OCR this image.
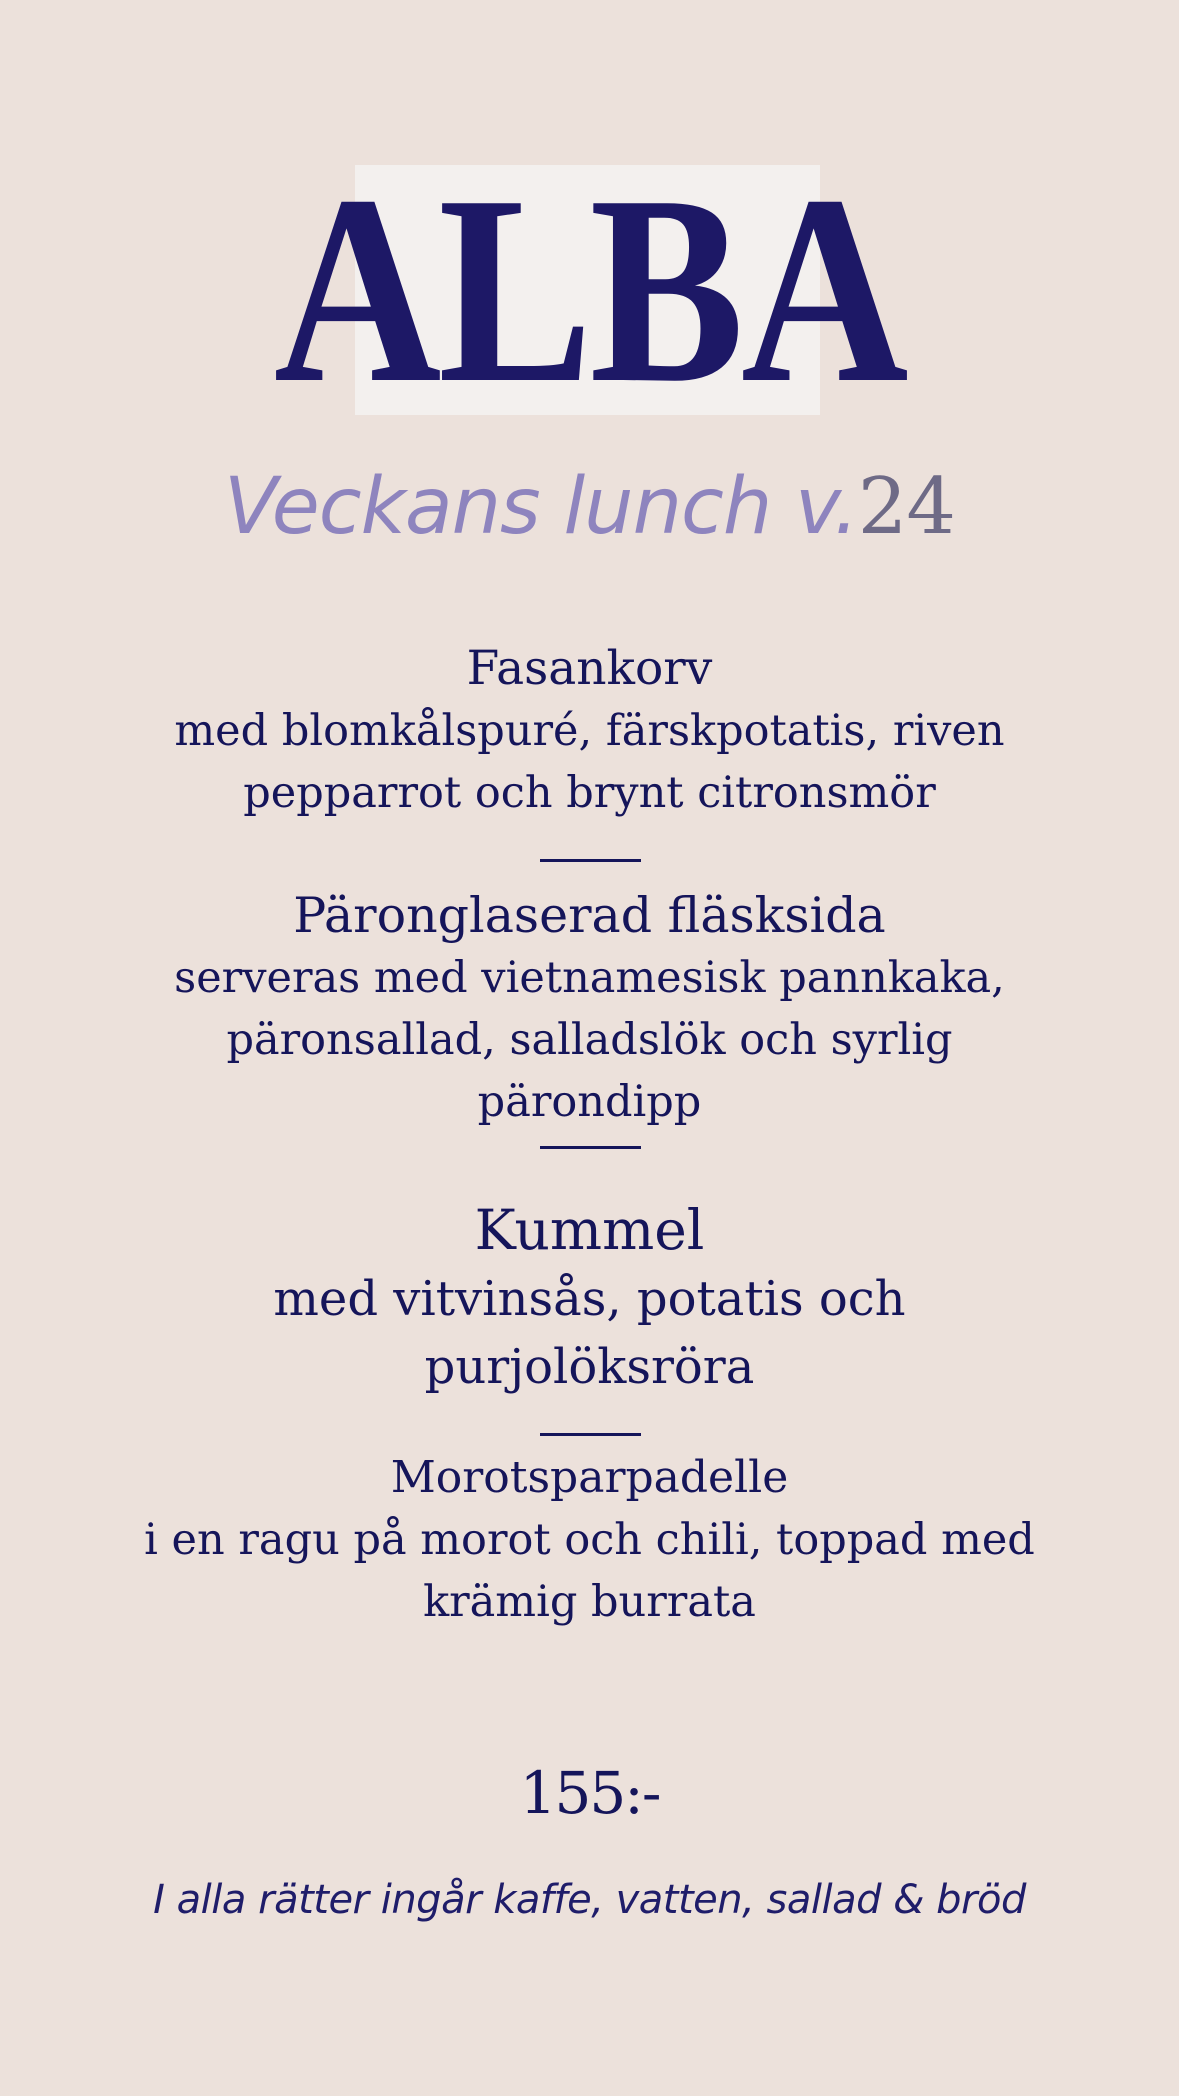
ALBA
Veckans lunch v.24
Fasankorv
med blomkålspuré, färskpotatis, riven
pepparrot och brynt citronsmör
Päronglaserad fläsksida
serveras med vietnamesisk pannkaka,
päronsallad, salladslök och syrlig
pärondipp
Kummel
med vitvinsås, potatis och
purjolöksröra
Morotsparpadelle
i en ragu på morot och chili, toppad med
krämig burrata
155:-
I alla rätter ingår kaffe, vatten, sallad & bröd
